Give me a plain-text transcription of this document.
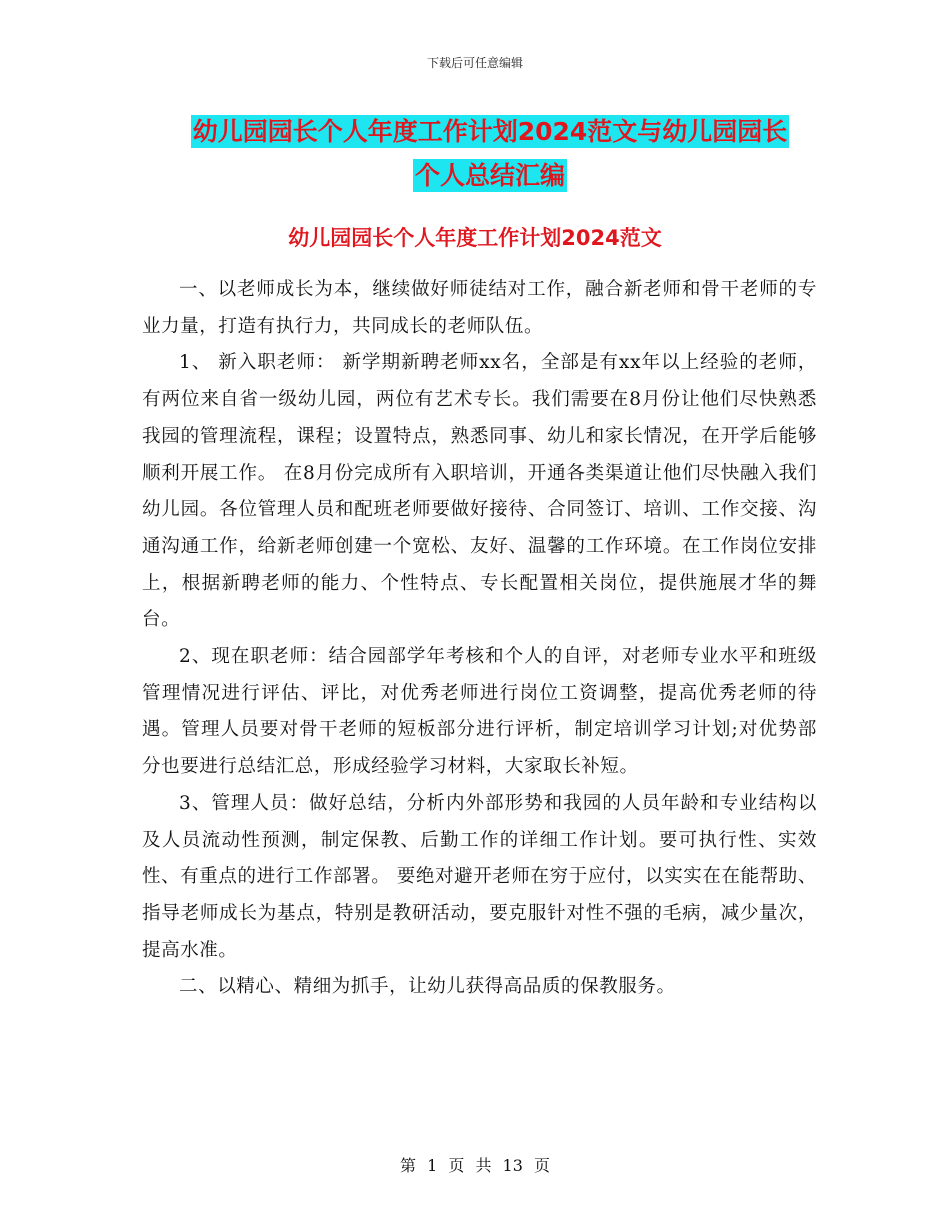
下载后可任意编辑
幼儿园园长个人年度工作计划2024范文与幼儿园园长
个人总结汇编
幼儿园园长个人年度工作计划2024范文

一、以老师成长为本，继续做好师徒结对工作，融合新老师和骨干老师的专业力量，打造有执行力，共同成长的老师队伍。

1、 新入职老师： 新学期新聘老师xx名，全部是有xx年以上经验的老师，有两位来自省一级幼儿园，两位有艺术专长。我们需要在8月份让他们尽快熟悉我园的管理流程，课程；设置特点，熟悉同事、幼儿和家长情况，在开学后能够顺利开展工作。 在8月份完成所有入职培训，开通各类渠道让他们尽快融入我们幼儿园。各位管理人员和配班老师要做好接待、合同签订、培训、工作交接、沟通沟通工作，给新老师创建一个宽松、友好、温馨的工作环境。在工作岗位安排上，根据新聘老师的能力、个性特点、专长配置相关岗位，提供施展才华的舞台。

2、现在职老师：结合园部学年考核和个人的自评，对老师专业水平和班级管理情况进行评估、评比，对优秀老师进行岗位工资调整，提高优秀老师的待遇。管理人员要对骨干老师的短板部分进行评析，制定培训学习计划;对优势部分也要进行总结汇总，形成经验学习材料，大家取长补短。

3、管理人员：做好总结，分析内外部形势和我园的人员年龄和专业结构以及人员流动性预测，制定保教、后勤工作的详细工作计划。要可执行性、实效性、有重点的进行工作部署。 要绝对避开老师在穷于应付，以实实在在能帮助、指导老师成长为基点，特别是教研活动，要克服针对性不强的毛病，减少量次，提高水准。

二、以精心、精细为抓手，让幼儿获得高品质的保教服务。

第 1 页 共 13 页
